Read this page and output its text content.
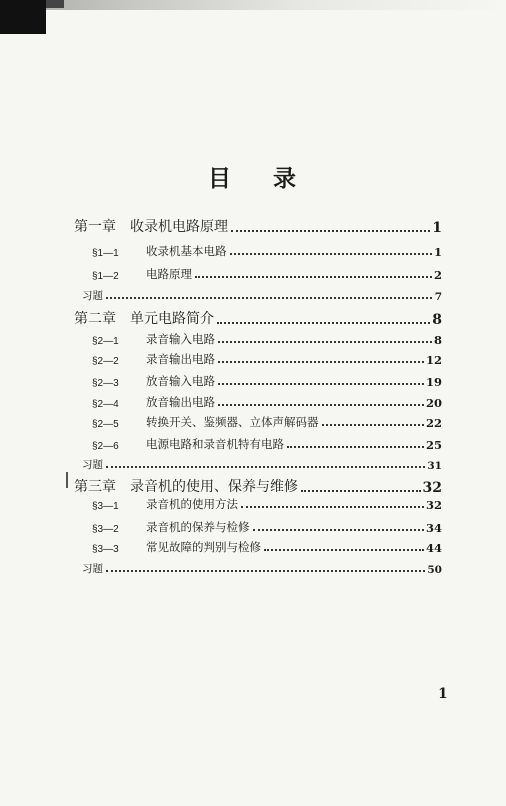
目 录
第一章 收录机电路原理	1
§1—1	收录机基本电路	1
§1—2	电路原理	2
习题	7
第二章 单元电路简介	8
§2—1	录音输入电路	8
§2—2	录音输出电路	12
§2—3	放音输入电路	19
§2—4	放音输出电路	20
§2—5	转换开关、鉴频器、立体声解码器	22
§2—6	电源电路和录音机特有电路	25
习题	31
第三章 录音机的使用、保养与维修	32
§3—1	录音机的使用方法	32
§3—2	录音机的保养与检修	34
§3—3	常见故障的判别与检修	44
习题	50
1
